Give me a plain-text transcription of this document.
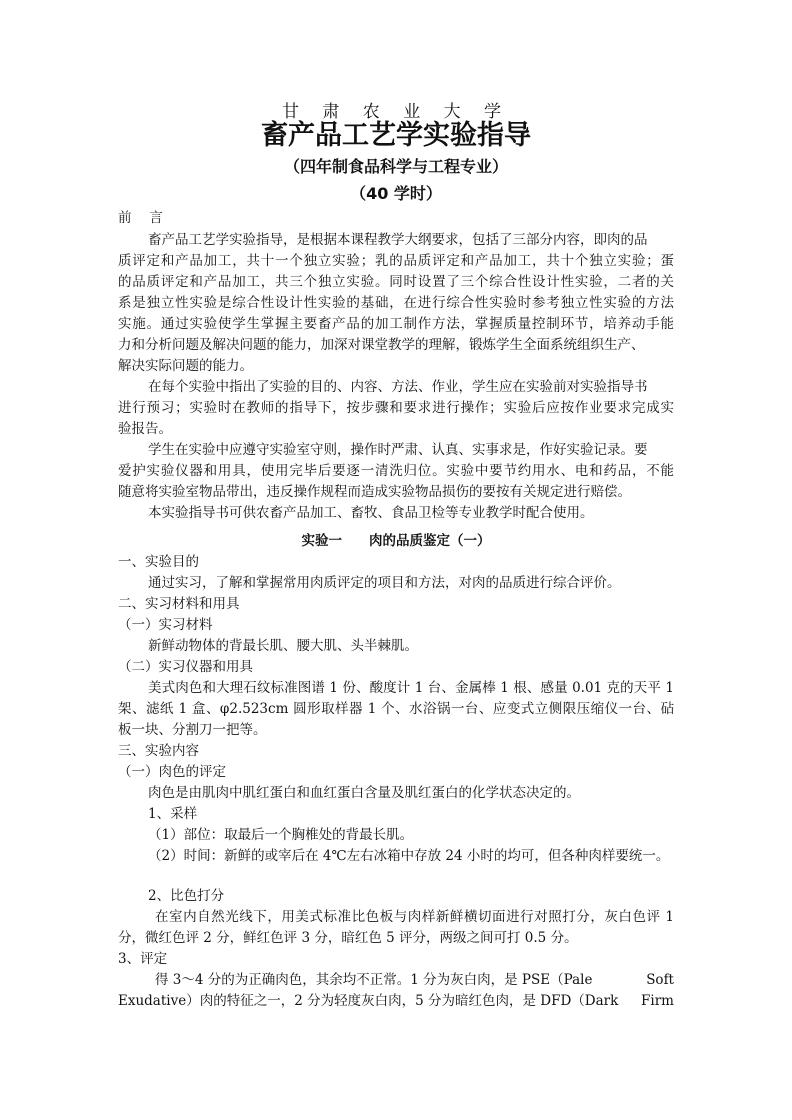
甘 肃 农 业 大 学
畜产品工艺学实验指导
（四年制食品科学与工程专业）
（40 学时）
前　 言
畜产品工艺学实验指导，是根据本课程教学大纲要求，包括了三部分内容，即肉的品
质评定和产品加工，共十一个独立实验；乳的品质评定和产品加工，共十个独立实验；蛋
的品质评定和产品加工，共三个独立实验。同时设置了三个综合性设计性实验，二者的关
系是独立性实验是综合性设计性实验的基础，在进行综合性实验时参考独立性实验的方法
实施。通过实验使学生掌握主要畜产品的加工制作方法，掌握质量控制环节，培养动手能
力和分析问题及解决问题的能力，加深对课堂教学的理解，锻炼学生全面系统组织生产、
解决实际问题的能力。
在每个实验中指出了实验的目的、内容、方法、作业，学生应在实验前对实验指导书
进行预习；实验时在教师的指导下，按步骤和要求进行操作；实验后应按作业要求完成实
验报告。
学生在实验中应遵守实验室守则，操作时严肃、认真、实事求是，作好实验记录。要
爱护实验仪器和用具，使用完毕后要逐一清洗归位。实验中要节约用水、电和药品，不能
随意将实验室物品带出，违反操作规程而造成实验物品损伤的要按有关规定进行赔偿。
本实验指导书可供农畜产品加工、畜牧、食品卫检等专业教学时配合使用。
实验一　　肉的品质鉴定（一）
一、实验目的
通过实习，了解和掌握常用肉质评定的项目和方法，对肉的品质进行综合评价。
二、实习材料和用具
（一）实习材料
新鲜动物体的背最长肌、腰大肌、头半棘肌。
（二）实习仪器和用具
美式肉色和大理石纹标准图谱 1 份、酸度计 1 台、金属棒 1 根、感量 0.01 克的天平 1
架、滤纸 1 盒、φ2.523cm 圆形取样器 1 个、水浴锅一台、应变式立侧限压缩仪一台、砧
板一块、分割刀一把等。
三、实验内容
（一）肉色的评定
肉色是由肌肉中肌红蛋白和血红蛋白含量及肌红蛋白的化学状态决定的。
1、采样
（1）部位：取最后一个胸椎处的背最长肌。
（2）时间：新鲜的或宰后在 4℃左右冰箱中存放 24 小时的均可，但各种肉样要统一。
2、比色打分
在室内自然光线下，用美式标准比色板与肉样新鲜横切面进行对照打分，灰白色评 1
分，微红色评 2 分，鲜红色评 3 分，暗红色 5 评分，两级之间可打 0.5 分。
3、评定
得 3～4 分的为正确肉色，其余均不正常。1 分为灰白肉，是 PSE（Pale	Soft
Exudative）肉的特征之一，2 分为轻度灰白肉，5 分为暗红色肉，是 DFD（Dark Firm
